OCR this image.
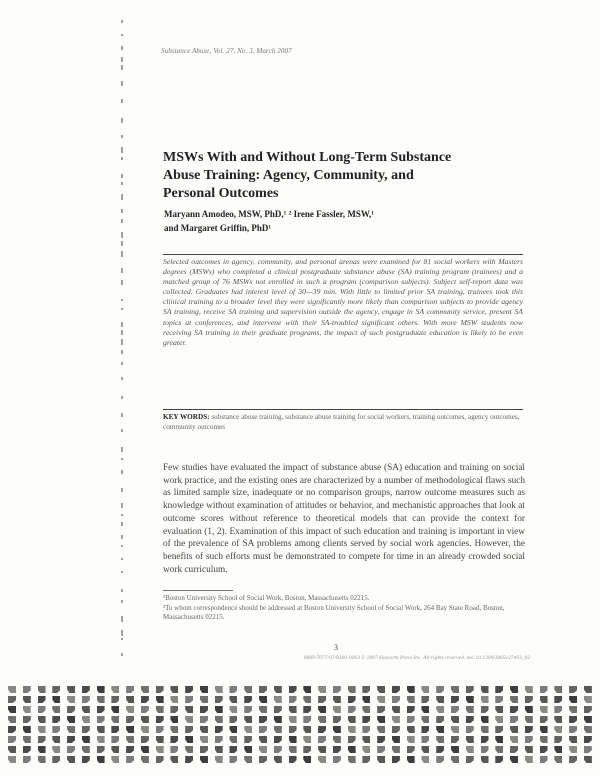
Substance Abuse, Vol. 27, No. 3, March 2007
MSWs With and Without Long-Term Substance Abuse Training: Agency, Community, and Personal Outcomes
Maryann Amodeo, MSW, PhD,¹ ² Irene Fassler, MSW,¹
and Margaret Griffin, PhD¹
Selected outcomes in agency, community, and personal arenas were examined for 81 social workers with Masters degrees (MSWs) who completed a clinical postgraduate substance abuse (SA) training program (trainees) and a matched group of 76 MSWs not enrolled in such a program (comparison subjects). Subject self-report data was collected. Graduates had interest level of 30—39 min. With little to limited prior SA training, trainees took this clinical training to a broader level they were significantly more likely than comparison subjects to provide agency SA training, receive SA training and supervision outside the agency, engage in SA community service, present SA topics at conferences, and intervene with their SA-troubled significant others. With more MSW students now receiving SA training in their graduate programs, the impact of such postgraduate education is likely to be even greater.
KEY WORDS: substance abuse training, substance abuse training for social workers, training outcomes, agency outcomes, community outcomes
Few studies have evaluated the impact of substance abuse (SA) education and training on social work practice, and the existing ones are characterized by a number of methodological flaws such as limited sample size, inadequate or no comparison groups, narrow outcome measures such as knowledge without examination of attitudes or behavior, and mechanistic approaches that look at outcome scores without reference to theoretical models that can provide the context for evaluation (1, 2). Examination of this impact of such education and training is important in view of the prevalence of SA problems among clients served by social work agencies. However, the benefits of such efforts must be demonstrated to compete for time in an already crowded social work curriculum.

¹Boston University School of Social Work, Boston, Massachusetts 02215.

²To whom correspondence should be addressed at Boston University School of Social Work, 264 Bay State Road, Boston, Massachusetts 02215.

3
0889-7077/07/0300-0003 © 2007 Haworth Press Inc. All rights reserved. doi:10.1300/J465v27n03_02
